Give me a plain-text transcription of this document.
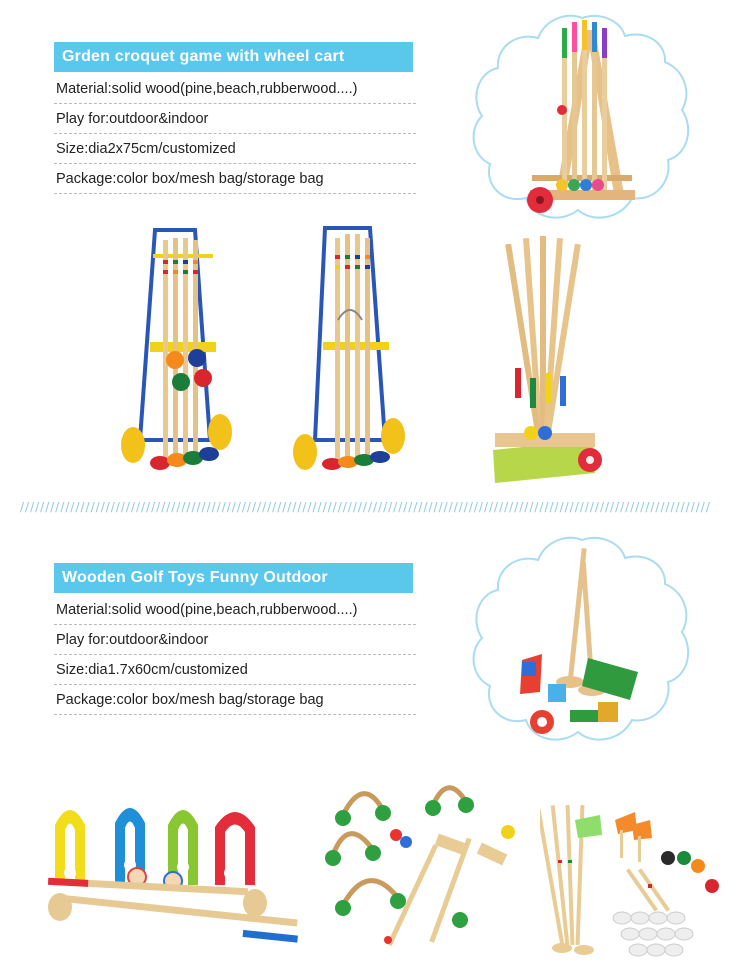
Grden croquet game with wheel cart
Material:solid wood(pine,beach,rubberwood....)
Play for:outdoor&indoor
Size:dia2x75cm/customized
Package:color box/mesh bag/storage bag
/////////////////////////////////////////////////////////////////////////////////////////////////////////////////////////////////////////
Wooden Golf Toys Funny Outdoor
Material:solid wood(pine,beach,rubberwood....)
Play for:outdoor&indoor
Size:dia1.7x60cm/customized
Package:color box/mesh bag/storage bag
